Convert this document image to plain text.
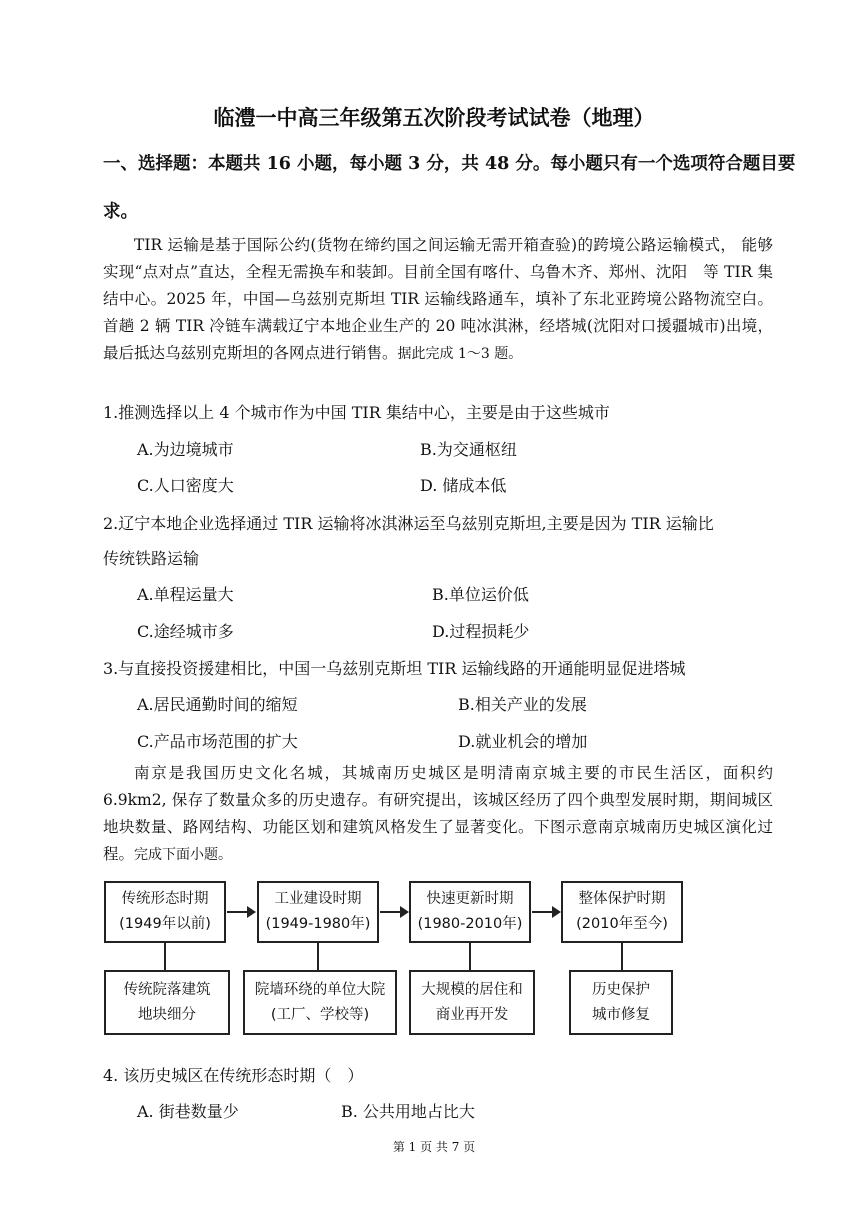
临澧一中高三年级第五次阶段考试试卷（地理）
一、选择题：本题共 16 小题，每小题 3 分，共 48 分。每小题只有一个选项符合题目要
求。
TIR 运输是基于国际公约(货物在缔约国之间运输无需开箱查验)的跨境公路运输模式， 能够实现“点对点”直达，全程无需换车和装卸。目前全国有喀什、乌鲁木齐、郑州、沈阳　等 TIR 集结中心。2025 年，中国—乌兹别克斯坦 TIR 运输线路通车，填补了东北亚跨境公路物流空白。首趟 2 辆 TIR 冷链车满载辽宁本地企业生产的 20 吨冰淇淋，经塔城(沈阳对口援疆城市)出境，最后抵达乌兹别克斯坦的各网点进行销售。据此完成 1～3 题。
1.推测选择以上 4 个城市作为中国 TIR 集结中心，主要是由于这些城市
A.为边境城市	B.为交通枢纽
C.人口密度大	D. 储成本低
2.辽宁本地企业选择通过 TIR 运输将冰淇淋运至乌兹别克斯坦,主要是因为 TIR 运输比
传统铁路运输
A.单程运量大	B.单位运价低
C.途经城市多	D.过程损耗少
3.与直接投资援建相比，中国一乌兹别克斯坦 TIR 运输线路的开通能明显促进塔城
A.居民通勤时间的缩短	B.相关产业的发展
C.产品市场范围的扩大	D.就业机会的增加
南京是我国历史文化名城，其城南历史城区是明清南京城主要的市民生活区，面积约 6.9km2, 保存了数量众多的历史遗存。有研究提出，该城区经历了四个典型发展时期，期间城区地块数量、路网结构、功能区划和建筑风格发生了显著变化。下图示意南京城南历史城区演化过程。完成下面小题。
传统形态时期
(1949年以前)
工业建设时期
(1949-1980年)
快速更新时期
(1980-2010年)
整体保护时期
(2010年至今)
传统院落建筑
地块细分
院墙环绕的单位大院
(工厂、学校等)
大规模的居住和
商业再开发
历史保护
城市修复
4. 该历史城区在传统形态时期（　）
A. 街巷数量少	B. 公共用地占比大
第 1 页 共 7 页
